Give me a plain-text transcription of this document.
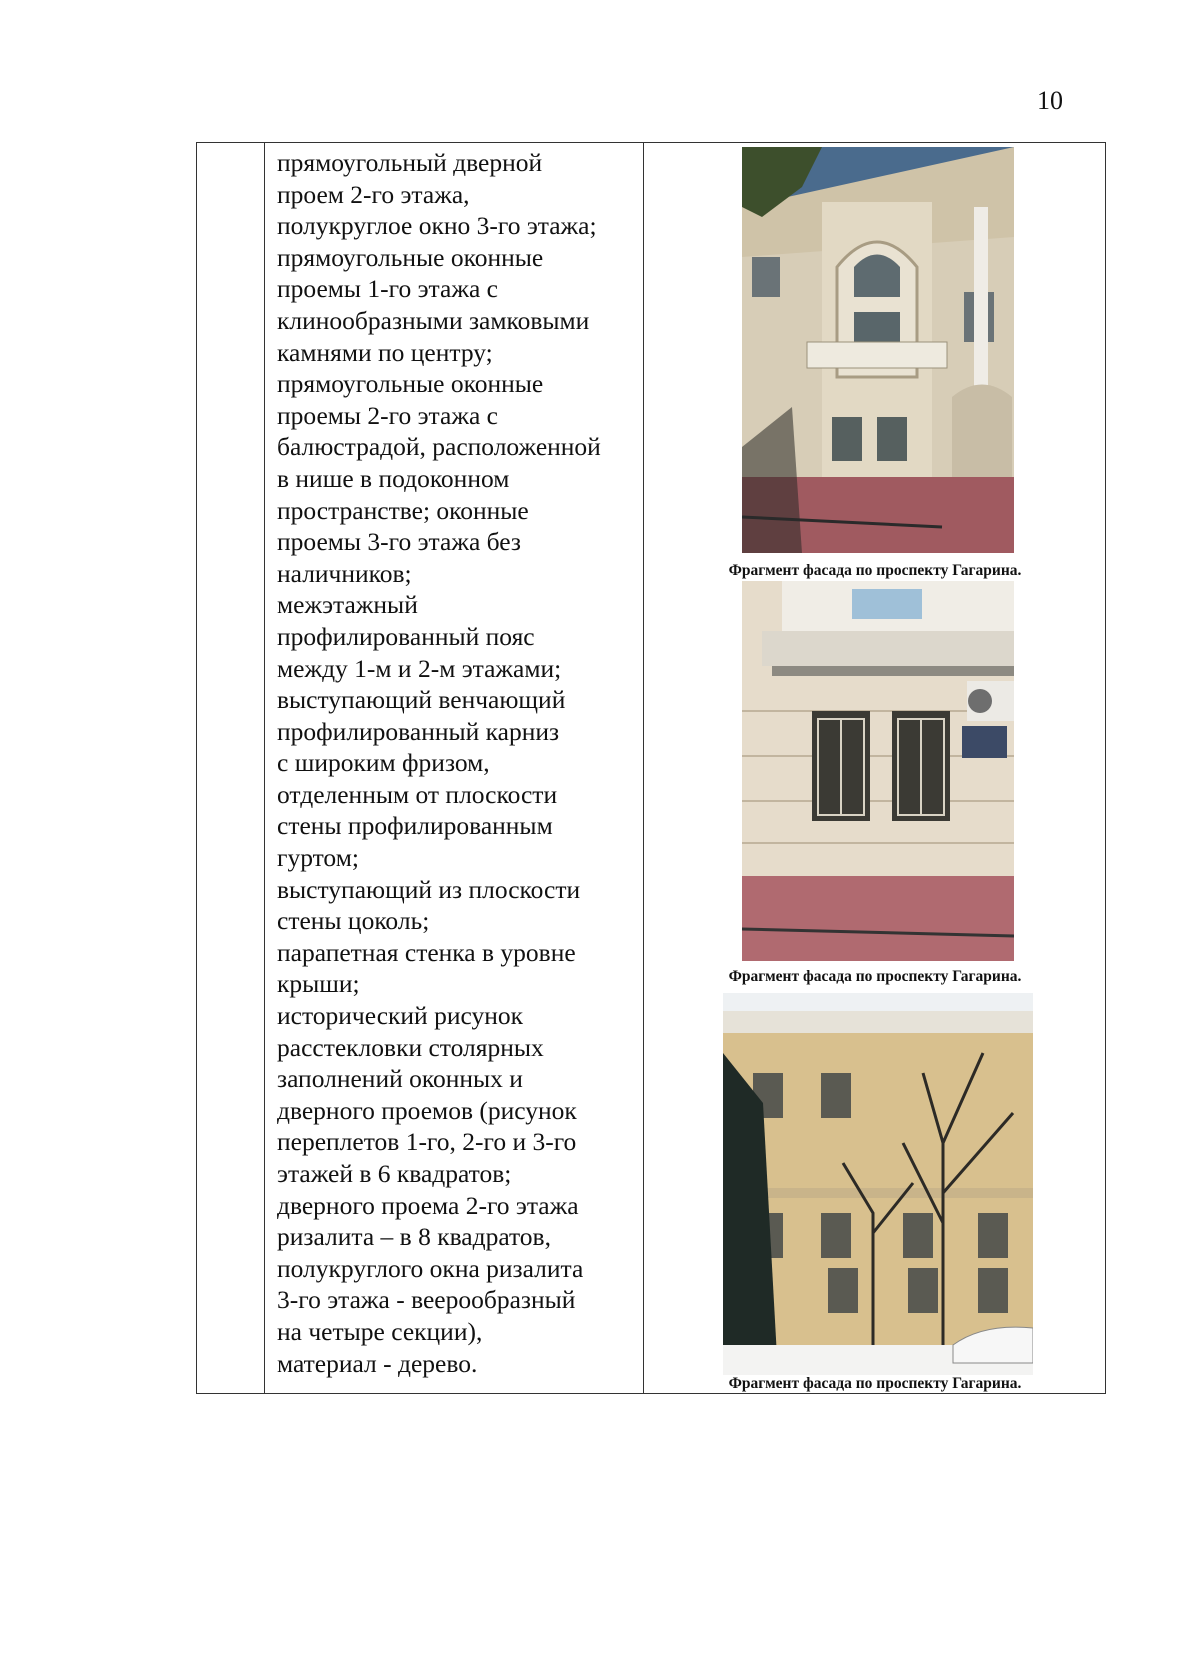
10
прямоугольный дверной
проем 2-го этажа,
полукруглое окно 3-го этажа;
прямоугольные оконные
проемы 1-го этажа с
клинообразными замковыми
камнями по центру;
прямоугольные оконные
проемы 2-го этажа с
балюстрадой, расположенной
в нише в подоконном
пространстве; оконные
проемы 3-го этажа без
наличников;
межэтажный
профилированный пояс
между 1-м и 2-м этажами;
выступающий венчающий
профилированный карниз
с широким фризом,
отделенным от плоскости
стены профилированным
гуртом;
выступающий из плоскости
стены цоколь;
парапетная стенка в уровне
крыши;
исторический рисунок
расстекловки столярных
заполнений оконных и
дверного проемов (рисунок
переплетов 1-го, 2-го и 3-го
этажей в 6 квадратов;
дверного проема 2-го этажа
ризалита – в 8 квадратов,
полукруглого окна ризалита
3-го этажа - веерообразный
на четыре секции),
материал - дерево.
Фрагмент фасада по проспекту Гагарина.
Фрагмент фасада по проспекту Гагарина.
Фрагмент фасада по проспекту Гагарина.
